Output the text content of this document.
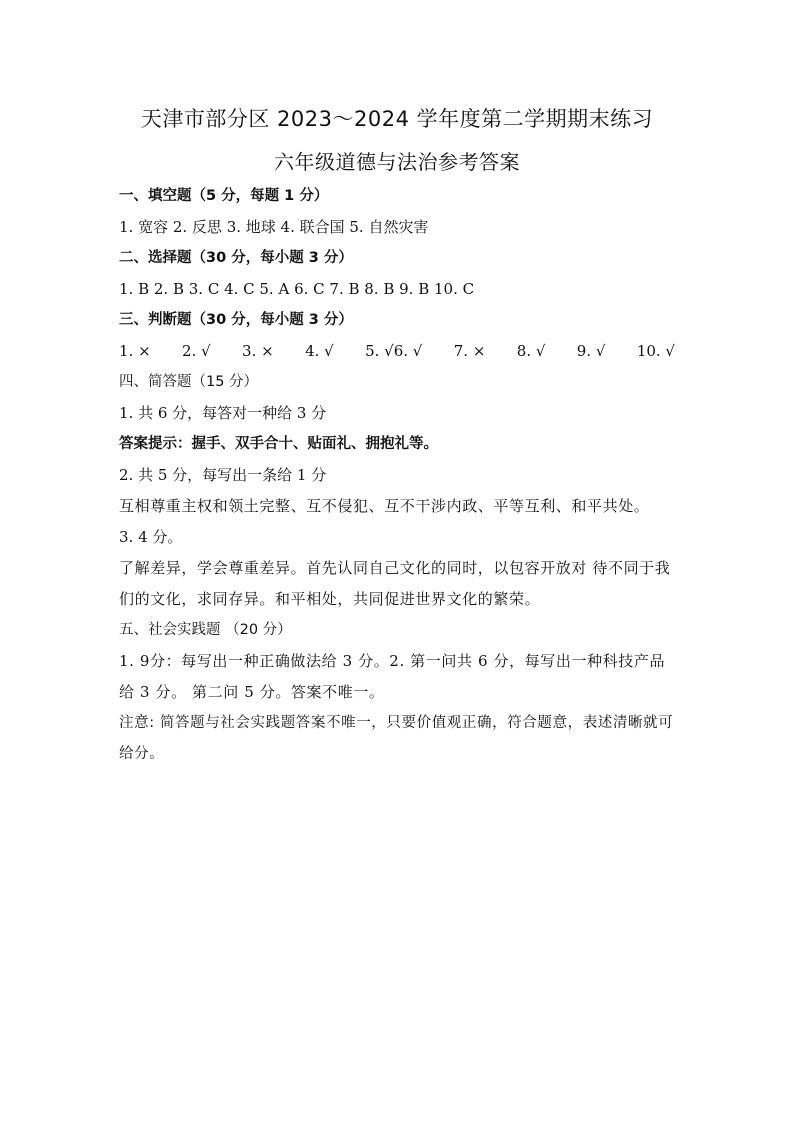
天津市部分区 2023～2024 学年度第二学期期末练习
六年级道德与法治参考答案
一、填空题（5 分，每题 1 分）
1. 宽容 2. 反思 3. 地球 4. 联合国 5. 自然灾害
二、选择题（30 分，每小题 3 分）
1. B 2. B 3. C 4. C 5. A 6. C 7. B 8. B 9. B 10. C
三、判断题（30 分，每小题 3 分）
1. × 2. √ 3. × 4. √ 5. √6. √ 7. × 8. √ 9. √ 10. √
四、简答题（15 分）
1. 共 6 分，每答对一种给 3 分
答案提示：握手、双手合十、贴面礼、拥抱礼等。
2. 共 5 分，每写出一条给 1 分
互相尊重主权和领土完整、互不侵犯、互不干涉内政、平等互利、和平共处。
3. 4 分。
了解差异，学会尊重差异。首先认同自己文化的同时，以包容开放对 待不同于我们的文化，求同存异。和平相处，共同促进世界文化的繁荣。
五、社会实践题 （20 分）
1. 9分：每写出一种正确做法给 3 分。2. 第一问共 6 分，每写出一种科技产品给 3 分。 第二问 5 分。答案不唯一。
注意: 简答题与社会实践题答案不唯一，只要价值观正确，符合题意，表述清晰就可 给分。
